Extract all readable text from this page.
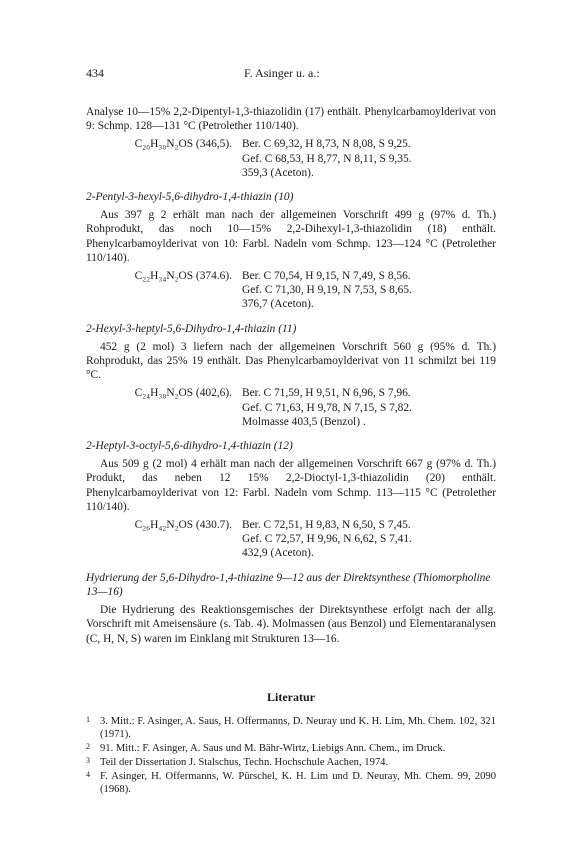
434	F. Asinger u. a.:

Analyse 10—15% 2,2-Dipentyl-1,3-thiazolidin (17) enthält. Phenylcarbamoylderivat von 9: Schmp. 128—131 °C (Petrolether 110/140).

C₂₀H₃₀N₂OS (346,5). Ber. C 69,32, H 8,73, N 8,08, S 9,25.
Gef. C 68,53, H 8,77, N 8,11, S 9,35.
359,3 (Aceton).
2-Pentyl-3-hexyl-5,6-dihydro-1,4-thiazin (10)

Aus 397 g 2 erhält man nach der allgemeinen Vorschrift 499 g (97% d. Th.) Rohprodukt, das noch 10—15% 2,2-Dihexyl-1,3-thiazolidin (18) enthält. Phenylcarbamoylderivat von 10: Farbl. Nadeln vom Schmp. 123—124 °C (Petrolether 110/140).

C₂₂H₃₄N₂OS (374.6). Ber. C 70,54, H 9,15, N 7,49, S 8,56.
Gef. C 71,30, H 9,19, N 7,53, S 8,65.
376,7 (Aceton).
2-Hexyl-3-heptyl-5,6-Dihydro-1,4-thiazin (11)

452 g (2 mol) 3 liefern nach der allgemeinen Vorschrift 560 g (95% d. Th.) Rohprodukt, das 25% 19 enthält. Das Phenylcarbamoylderivat von 11 schmilzt bei 119 °C.

C₂₄H₃₈N₂OS (402,6). Ber. C 71,59, H 9,51, N 6,96, S 7,96.
Gef. C 71,63, H 9,78, N 7,15, S 7,82.
Molmasse 403,5 (Benzol) .
2-Heptyl-3-octyl-5,6-dihydro-1,4-thiazin (12)

Aus 509 g (2 mol) 4 erhält man nach der allgemeinen Vorschrift 667 g (97% d. Th.) Produkt, das neben 12 15% 2,2-Dioctyl-1,3-thiazolidin (20) enthält. Phenylcarbamoylderivat von 12: Farbl. Nadeln vom Schmp. 113—115 °C (Petrolether 110/140).

C₂₆H₄₂N₂OS (430.7). Ber. C 72,51, H 9,83, N 6,50, S 7,45.
Gef. C 72,57, H 9,96, N 6,62, S 7,41.
432,9 (Aceton).
Hydrierung der 5,6-Dihydro-1,4-thiazine 9—12 aus der Direktsynthese (Thiomorpholine 13—16)

Die Hydrierung des Reaktionsgemisches der Direktsynthese erfolgt nach der allg. Vorschrift mit Ameisensäure (s. Tab. 4). Molmassen (aus Benzol) und Elementaranalysen (C, H, N, S) waren im Einklang mit Strukturen 13—16.

Literatur
1 3. Mitt.: F. Asinger, A. Saus, H. Offermanns, D. Neuray und K. H. Lim, Mh. Chem. 102, 321 (1971).
2 91. Mitt.: F. Asinger, A. Saus und M. Bähr-Wirtz, Liebigs Ann. Chem., im Druck.
3 Teil der Dissertation J. Stalschus, Techn. Hochschule Aachen, 1974.
4 F. Asinger, H. Offermanns, W. Pürschel, K. H. Lim und D. Neuray, Mh. Chem. 99, 2090 (1968).
